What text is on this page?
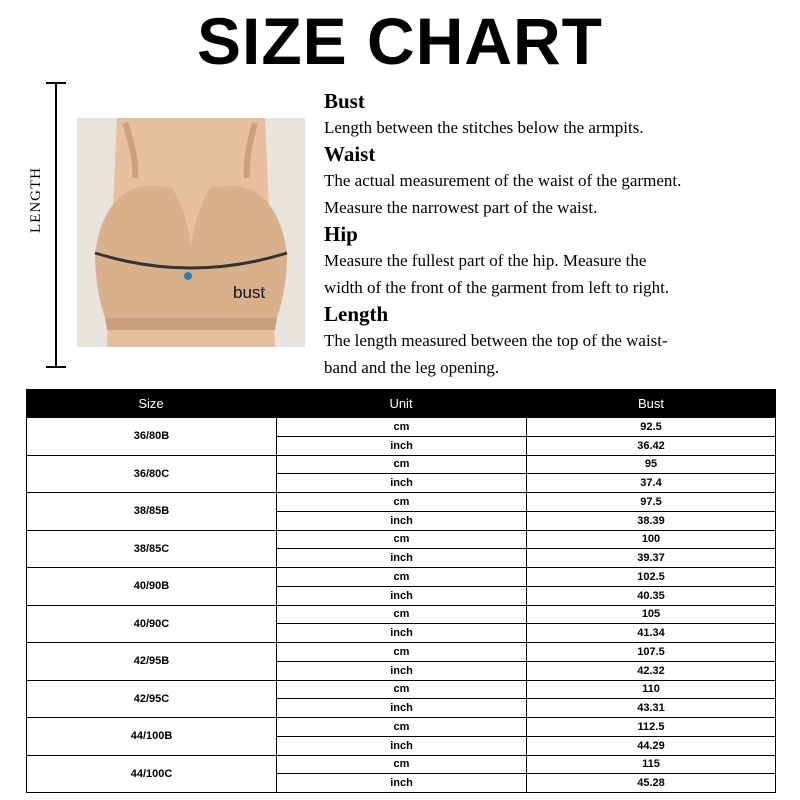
SIZE CHART
LENGTH
bust
Bust
Length between the stitches below the armpits.
Waist
The actual measurement of the waist of the garment.
Measure the narrowest part of the waist.
Hip
Measure the fullest part of the hip. Measure the
width of the front of the garment from left to right.
Length
The length measured between the top of the waist-
band and the leg opening.
Size	Unit	Bust
36/80B
cm	92.5
inch	36.42
36/80C
cm	95
inch	37.4
38/85B
cm	97.5
inch	38.39
38/85C
cm	100
inch	39.37
40/90B
cm	102.5
inch	40.35
40/90C
cm	105
inch	41.34
42/95B
cm	107.5
inch	42.32
42/95C
cm	110
inch	43.31
44/100B
cm	112.5
inch	44.29
44/100C
cm	115
inch	45.28
